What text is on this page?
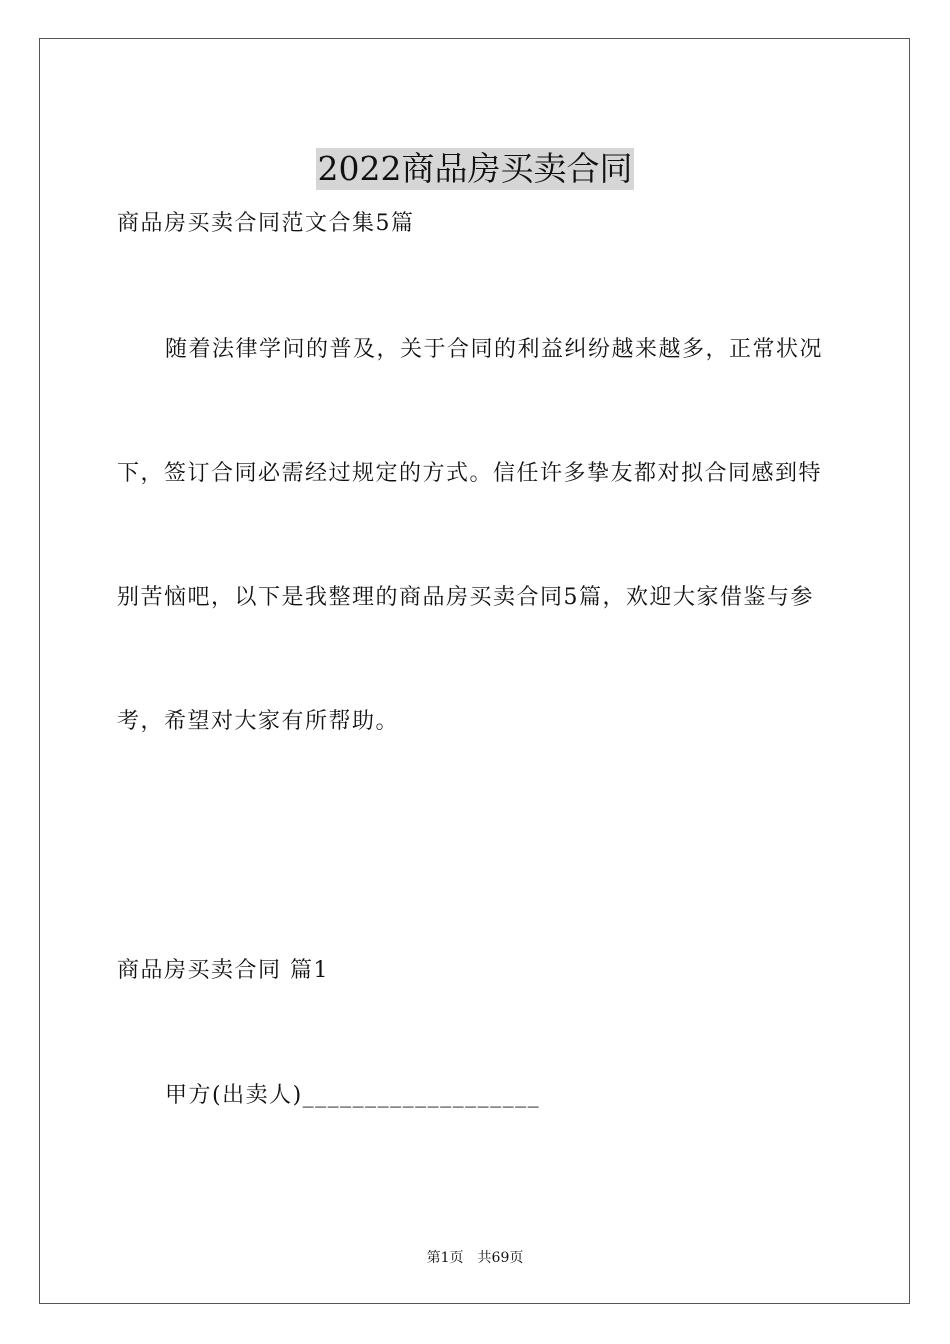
2022商品房买卖合同
商品房买卖合同范文合集5篇
随着法律学问的普及，关于合同的利益纠纷越来越多，正常状况
下，签订合同必需经过规定的方式。信任许多挚友都对拟合同感到特
别苦恼吧，以下是我整理的商品房买卖合同5篇，欢迎大家借鉴与参
考，希望对大家有所帮助。
商品房买卖合同 篇1
甲方(出卖人)___________________
第1页 共69页
